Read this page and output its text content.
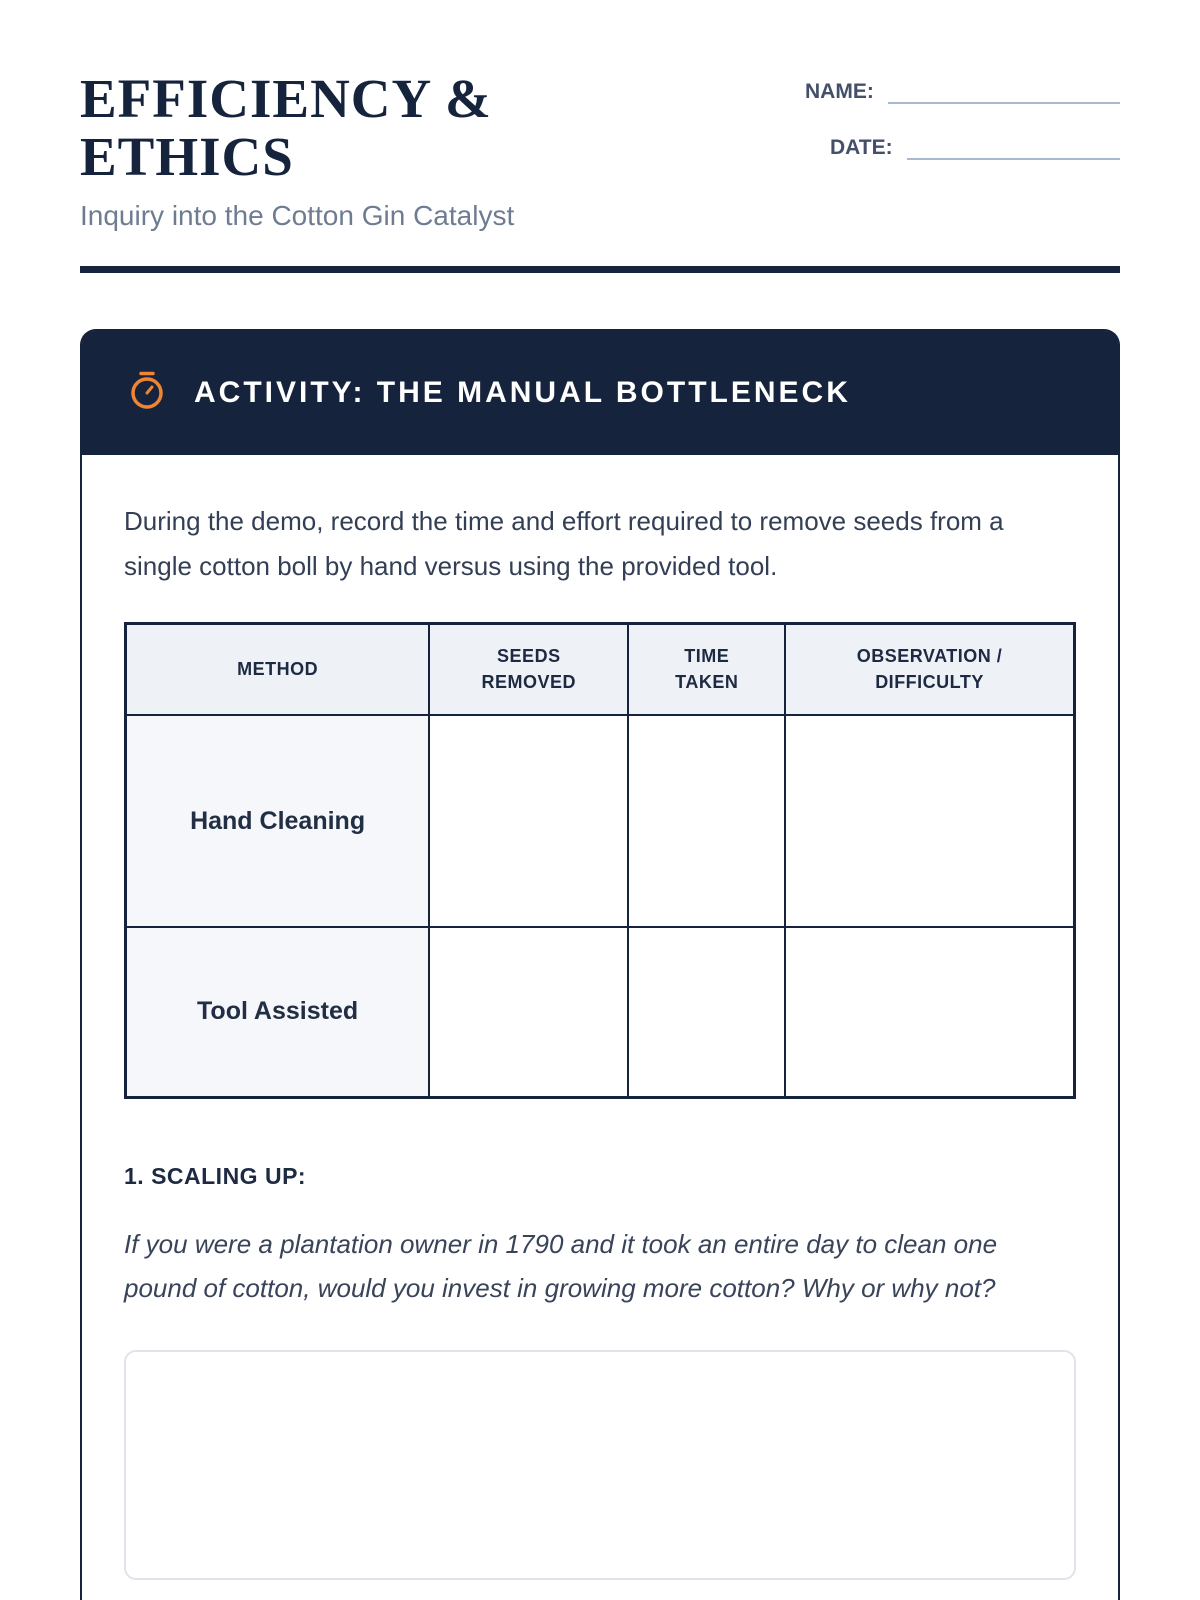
EFFICIENCY & ETHICS
Inquiry into the Cotton Gin Catalyst
NAME:
DATE:
ACTIVITY: THE MANUAL BOTTLENECK

During the demo, record the time and effort required to remove seeds from a single cotton boll by hand versus using the provided tool.

METHOD	SEEDS REMOVED	TIME TAKEN	OBSERVATION / DIFFICULTY
Hand Cleaning			
Tool Assisted			
1. SCALING UP:

If you were a plantation owner in 1790 and it took an entire day to clean one pound of cotton, would you invest in growing more cotton? Why or why not?
